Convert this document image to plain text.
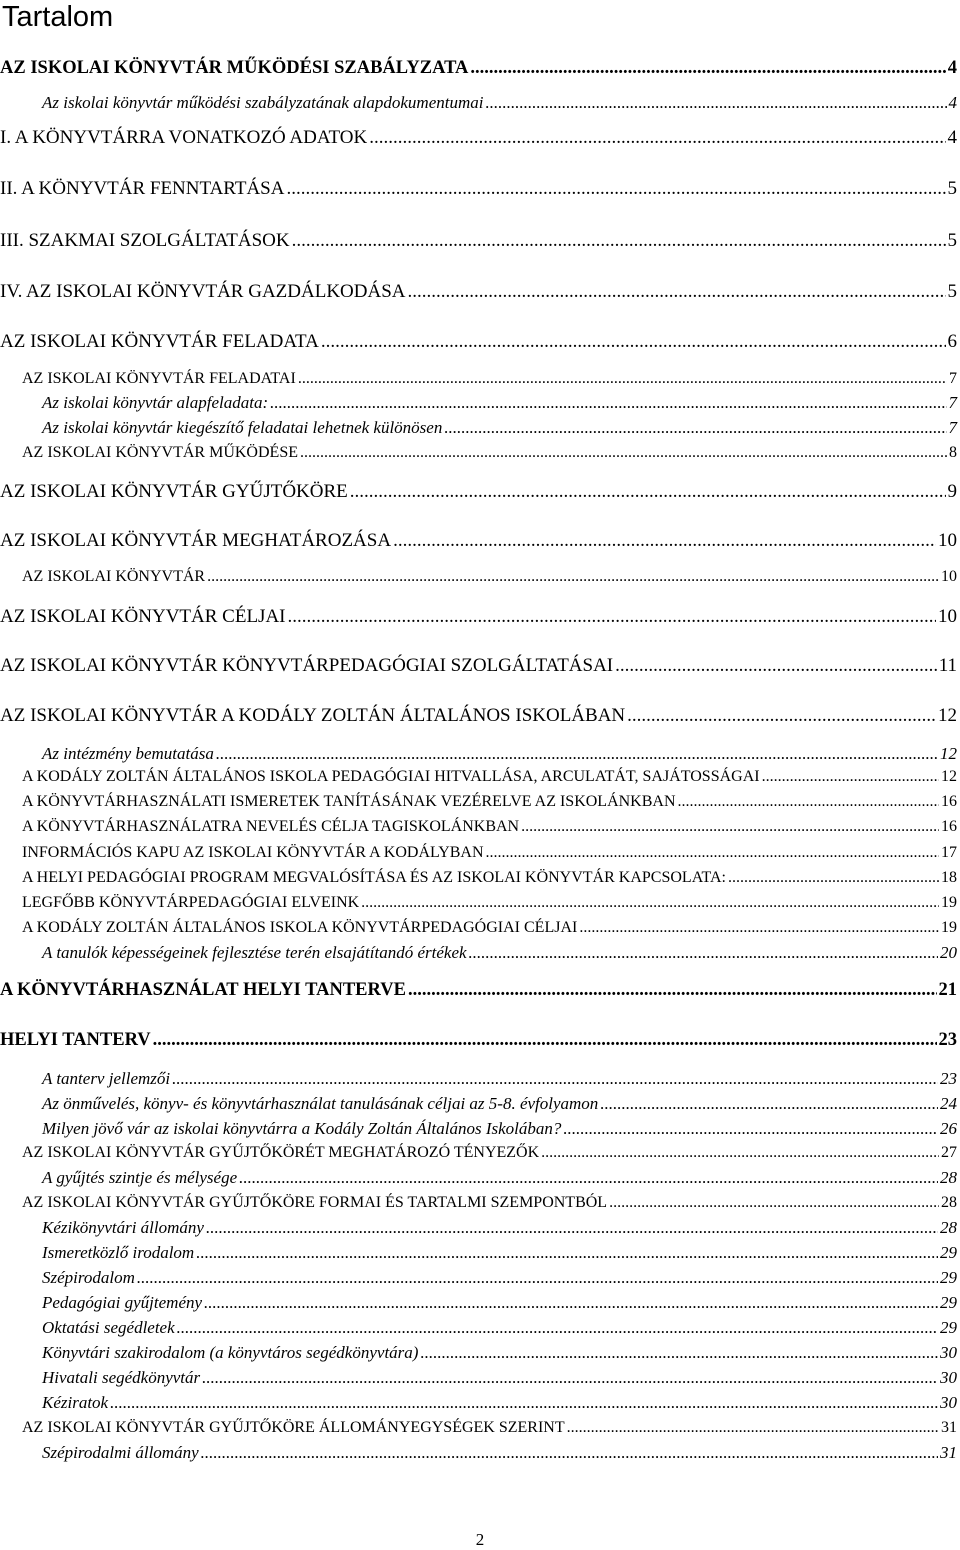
Tartalom
AZ ISKOLAI KÖNYVTÁR MŰKÖDÉSI SZABÁLYZATA .....	4
Az iskolai könyvtár működési szabályzatának alapdokumentumai .....	4
I. A KÖNYVTÁRRA VONATKOZÓ ADATOK .....	4
II. A KÖNYVTÁR FENNTARTÁSA .....	5
III. SZAKMAI SZOLGÁLTATÁSOK .....	5
IV. AZ ISKOLAI KÖNYVTÁR GAZDÁLKODÁSA .....	5
AZ ISKOLAI KÖNYVTÁR FELADATA .....	6
AZ ISKOLAI KÖNYVTÁR FELADATAI .....	7
Az iskolai könyvtár alapfeladata: .....	7
Az iskolai könyvtár kiegészítő feladatai lehetnek különösen .....	7
AZ ISKOLAI KÖNYVTÁR MŰKÖDÉSE .....	8
AZ ISKOLAI KÖNYVTÁR GYŰJTŐKÖRE .....	9
AZ ISKOLAI KÖNYVTÁR MEGHATÁROZÁSA .....	10
AZ ISKOLAI KÖNYVTÁR .....	10
AZ ISKOLAI KÖNYVTÁR CÉLJAI .....	10
AZ ISKOLAI KÖNYVTÁR KÖNYVTÁRPEDAGÓGIAI SZOLGÁLTATÁSAI .....	11
AZ ISKOLAI KÖNYVTÁR A KODÁLY ZOLTÁN ÁLTALÁNOS ISKOLÁBAN .....	12
Az intézmény bemutatása .....	12
A KODÁLY ZOLTÁN ÁLTALÁNOS ISKOLA PEDAGÓGIAI HITVALLÁSA, ARCULATÁT, SAJÁTOSSÁGAI .....	12
A KÖNYVTÁRHASZNÁLATI ISMERETEK TANÍTÁSÁNAK VEZÉRELVE AZ ISKOLÁNKBAN .....	16
A KÖNYVTÁRHASZNÁLATRA NEVELÉS CÉLJA TAGISKOLÁNKBAN .....	16
INFORMÁCIÓS KAPU AZ ISKOLAI KÖNYVTÁR A KODÁLYBAN .....	17
A HELYI PEDAGÓGIAI PROGRAM MEGVALÓSÍTÁSA ÉS AZ ISKOLAI KÖNYVTÁR KAPCSOLATA: .....	18
LEGFŐBB KÖNYVTÁRPEDAGÓGIAI ELVEINK .....	19
A KODÁLY ZOLTÁN ÁLTALÁNOS ISKOLA KÖNYVTÁRPEDAGÓGIAI CÉLJAI .....	19
A tanulók képességeinek fejlesztése terén elsajátítandó értékek .....	20
A KÖNYVTÁRHASZNÁLAT HELYI TANTERVE .....	21
HELYI TANTERV .....	23
A tanterv jellemzői .....	23
Az önművelés, könyv- és könyvtárhasználat tanulásának céljai az 5-8. évfolyamon .....	24
Milyen jövő vár az iskolai könyvtárra a Kodály Zoltán Általános Iskolában? .....	26
AZ ISKOLAI KÖNYVTÁR GYŰJTŐKÖRÉT MEGHATÁROZÓ TÉNYEZŐK .....	27
A gyűjtés szintje és mélysége .....	28
AZ ISKOLAI KÖNYVTÁR GYŰJTŐKÖRE FORMAI ÉS TARTALMI SZEMPONTBÓL .....	28
Kézikönyvtári állomány .....	28
Ismeretközlő irodalom .....	29
Szépirodalom .....	29
Pedagógiai gyűjtemény .....	29
Oktatási segédletek .....	29
Könyvtári szakirodalom (a könyvtáros segédkönyvtára) .....	30
Hivatali segédkönyvtár .....	30
Kéziratok .....	30
AZ ISKOLAI KÖNYVTÁR GYŰJTŐKÖRE ÁLLOMÁNYEGYSÉGEK SZERINT .....	31
Szépirodalmi állomány .....	31
2
